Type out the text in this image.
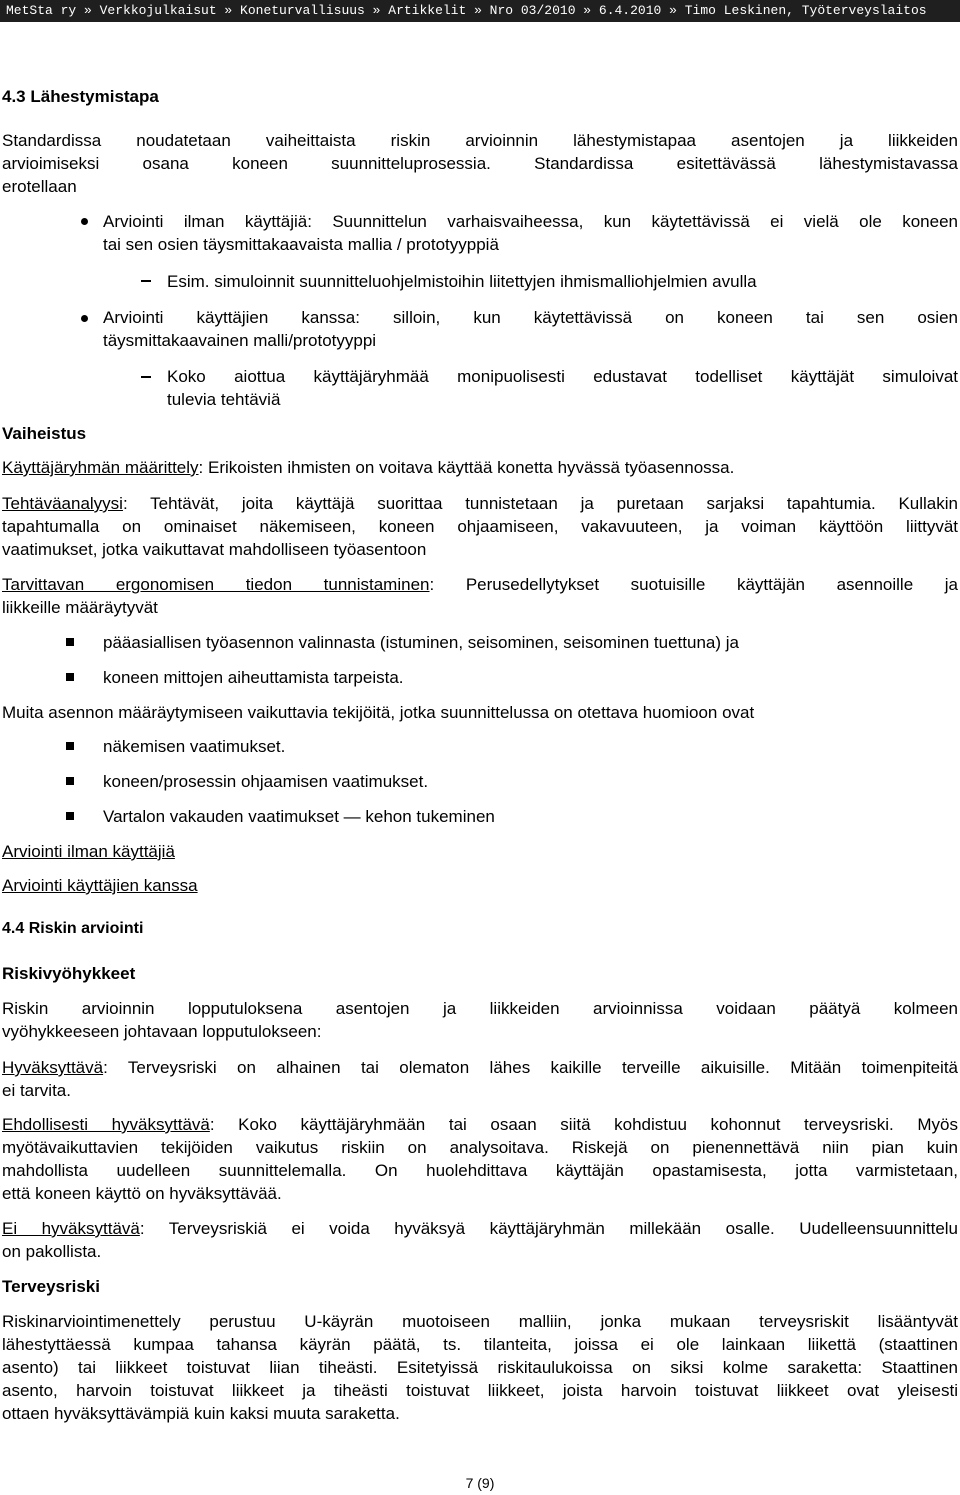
MetSta ry » Verkkojulkaisut » Koneturvallisuus » Artikkelit » Nro 03/2010 » 6.4.2010 » Timo Leskinen, Työterveyslaitos
4.3 Lähestymistapa
Standardissa noudatetaan vaiheittaista riskin arvioinnin lähestymistapaa asentojen ja liikkeiden
arvioimiseksi osana koneen suunnitteluprosessia. Standardissa esitettävässä lähestymistavassa
erotellaan
Arviointi ilman käyttäjiä: Suunnittelun varhaisvaiheessa, kun käytettävissä ei vielä ole koneen
tai sen osien täysmittakaavaista mallia / prototyyppiä
Esim. simuloinnit suunnitteluohjelmistoihin liitettyjen ihmismalliohjelmien avulla
Arviointi käyttäjien kanssa: silloin, kun käytettävissä on koneen tai sen osien
täysmittakaavainen malli/prototyyppi
Koko aiottua käyttäjäryhmää monipuolisesti edustavat todelliset käyttäjät simuloivat
tulevia tehtäviä
Vaiheistus
Käyttäjäryhmän määrittely: Erikoisten ihmisten on voitava käyttää konetta hyvässä työasennossa.
Tehtäväanalyysi: Tehtävät, joita käyttäjä suorittaa tunnistetaan ja puretaan sarjaksi tapahtumia. Kullakin
tapahtumalla on ominaiset näkemiseen, koneen ohjaamiseen, vakavuuteen, ja voiman käyttöön liittyvät
vaatimukset, jotka vaikuttavat mahdolliseen työasentoon
Tarvittavan ergonomisen tiedon tunnistaminen: Perusedellytykset suotuisille käyttäjän asennoille ja
liikkeille määräytyvät
pääasiallisen työasennon valinnasta (istuminen, seisominen, seisominen tuettuna) ja
koneen mittojen aiheuttamista tarpeista.
Muita asennon määräytymiseen vaikuttavia tekijöitä, jotka suunnittelussa on otettava huomioon ovat
näkemisen vaatimukset.
koneen/prosessin ohjaamisen vaatimukset.
Vartalon vakauden vaatimukset — kehon tukeminen
Arviointi ilman käyttäjiä
Arviointi käyttäjien kanssa
4.4 Riskin arviointi
Riskivyöhykkeet
Riskin arvioinnin lopputuloksena asentojen ja liikkeiden arvioinnissa voidaan päätyä kolmeen
vyöhykkeeseen johtavaan lopputulokseen:
Hyväksyttävä: Terveysriski on alhainen tai olematon lähes kaikille terveille aikuisille. Mitään toimenpiteitä
ei tarvita.
Ehdollisesti hyväksyttävä: Koko käyttäjäryhmään tai osaan siitä kohdistuu kohonnut terveysriski. Myös
myötävaikuttavien tekijöiden vaikutus riskiin on analysoitava. Riskejä on pienennettävä niin pian kuin
mahdollista uudelleen suunnittelemalla. On huolehdittava käyttäjän opastamisesta, jotta varmistetaan,
että koneen käyttö on hyväksyttävää.
Ei hyväksyttävä: Terveysriskiä ei voida hyväksyä käyttäjäryhmän millekään osalle. Uudelleensuunnittelu
on pakollista.
Terveysriski
Riskinarviointimenettely perustuu U-käyrän muotoiseen malliin, jonka mukaan terveysriskit lisääntyvät
lähestyttäessä kumpaa tahansa käyrän päätä, ts. tilanteita, joissa ei ole lainkaan liikettä (staattinen
asento) tai liikkeet toistuvat liian tiheästi. Esitetyissä riskitaulukoissa on siksi kolme saraketta: Staattinen
asento, harvoin toistuvat liikkeet ja tiheästi toistuvat liikkeet, joista harvoin toistuvat liikkeet ovat yleisesti
ottaen hyväksyttävämpiä kuin kaksi muuta saraketta.
7 (9)
